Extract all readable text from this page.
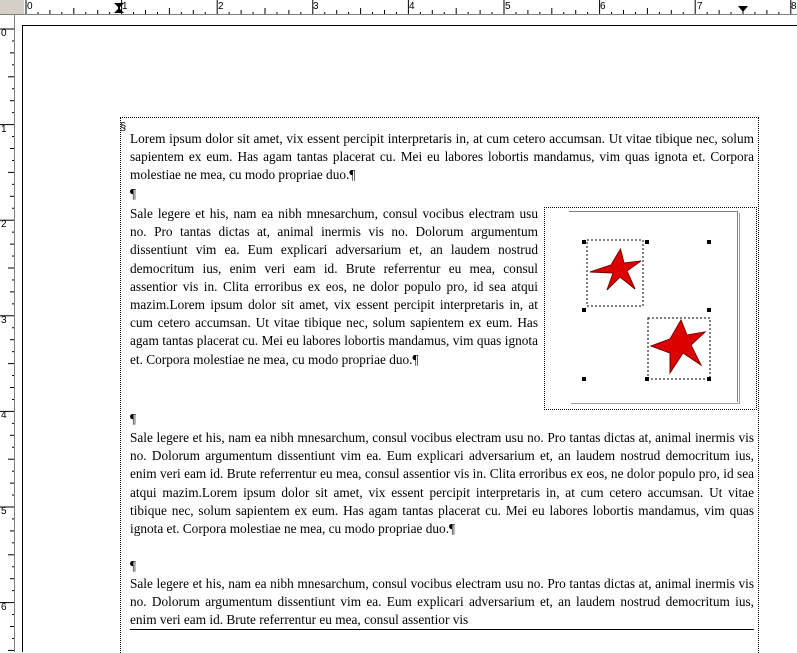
0	1	2	3	4	5	6	7	8
0
1
2
3
4
5
6
§
Lorem ipsum dolor sit amet, vix essent percipit interpretaris in, at cum cetero accumsan. Ut vitae tibique nec, solum sapientem ex eum. Has agam tantas placerat cu. Mei eu labores lobortis mandamus, vim quas ignota et. Corpora molestiae ne mea, cu modo propriae duo.¶
¶
Sale legere et his, nam ea nibh mnesarchum, consul vocibus electram usu no. Pro tantas dictas at, animal inermis vis no. Dolorum argumentum dissentiunt vim ea. Eum explicari adversarium et, an laudem nostrud democritum ius, enim veri eam id. Brute referrentur eu mea, consul assentior vis in. Clita erroribus ex eos, ne dolor populo pro, id sea atqui mazim.Lorem ipsum dolor sit amet, vix essent percipit interpretaris in, at cum cetero accumsan. Ut vitae tibique nec, solum sapientem ex eum. Has agam tantas placerat cu. Mei eu labores lobortis mandamus, vim quas ignota et. Corpora molestiae ne mea, cu modo propriae duo.¶
¶
Sale legere et his, nam ea nibh mnesarchum, consul vocibus electram usu no. Pro tantas dictas at, animal inermis vis no. Dolorum argumentum dissentiunt vim ea. Eum explicari adversarium et, an laudem nostrud democritum ius, enim veri eam id. Brute referrentur eu mea, consul assentior vis in. Clita erroribus ex eos, ne dolor populo pro, id sea atqui mazim.Lorem ipsum dolor sit amet, vix essent percipit interpretaris in, at cum cetero accumsan. Ut vitae tibique nec, solum sapientem ex eum. Has agam tantas placerat cu. Mei eu labores lobortis mandamus, vim quas ignota et. Corpora molestiae ne mea, cu modo propriae duo.¶
¶
Sale legere et his, nam ea nibh mnesarchum, consul vocibus electram usu no. Pro tantas dictas at, animal inermis vis no. Dolorum argumentum dissentiunt vim ea. Eum explicari adversarium et, an laudem nostrud democritum ius, enim veri eam id. Brute referrentur eu mea, consul assentior vis
